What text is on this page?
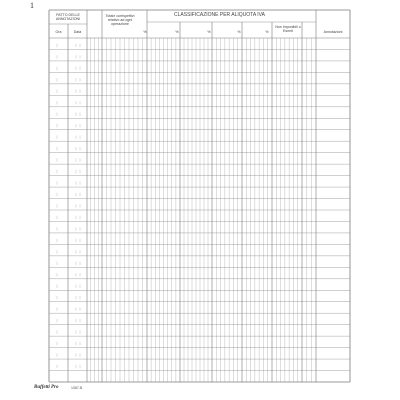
1
PATTO DELLE ANNOTAZIONI
Ora	Data
Totale corrispettivi relativo ad ogni operazione
CLASSIFICAZIONE PER ALIQUOTA IVA
%	%	%	%	%
Non imponibili o Esenti	Annotazioni
Buffetti Pro	1087-B
